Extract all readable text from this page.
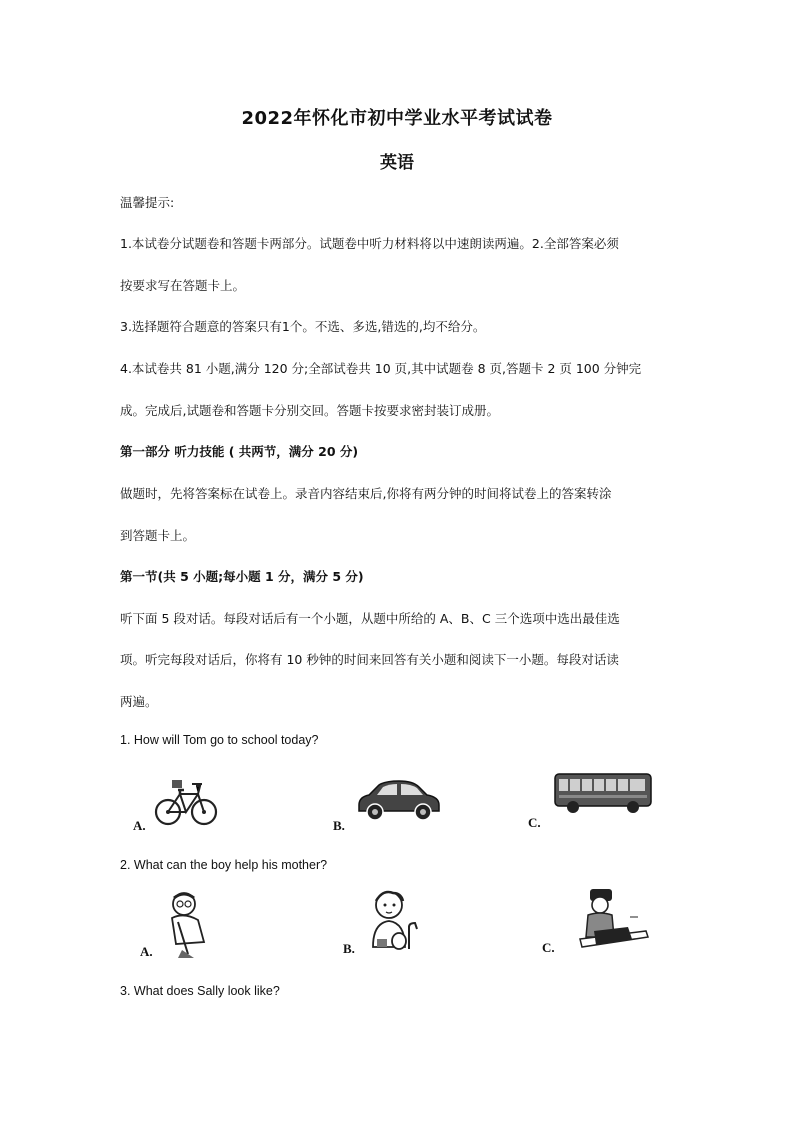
2022年怀化市初中学业水平考试试卷
英语
温馨提示:
1.本试卷分试题卷和答题卡两部分。试题卷中听力材料将以中速朗读两遍。2.全部答案必须
按要求写在答题卡上。
3.选择题符合题意的答案只有1个。不选、多选,错选的,均不给分。
4.本试卷共 81 小题,满分 120 分;全部试卷共 10 页,其中试题卷 8 页,答题卡 2 页 100 分钟完
成。完成后,试题卷和答题卡分别交回。答题卡按要求密封装订成册。
第一部分 听力技能 ( 共两节，满分 20 分)
做题时，先将答案标在试卷上。录音内容结束后,你将有两分钟的时间将试卷上的答案转涂
到答题卡上。
第一节(共 5 小题;每小题 1 分，满分 5 分)
听下面 5 段对话。每段对话后有一个小题，从题中所给的 A、B、C 三个选项中选出最佳选
项。听完每段对话后，你将有 10 秒钟的时间来回答有关小题和阅读下一小题。每段对话读
两遍。
1. How will Tom go to school today?
A.	B.	C.
2. What can the boy help his mother?
A.	B.	C.
3. What does Sally look like?
